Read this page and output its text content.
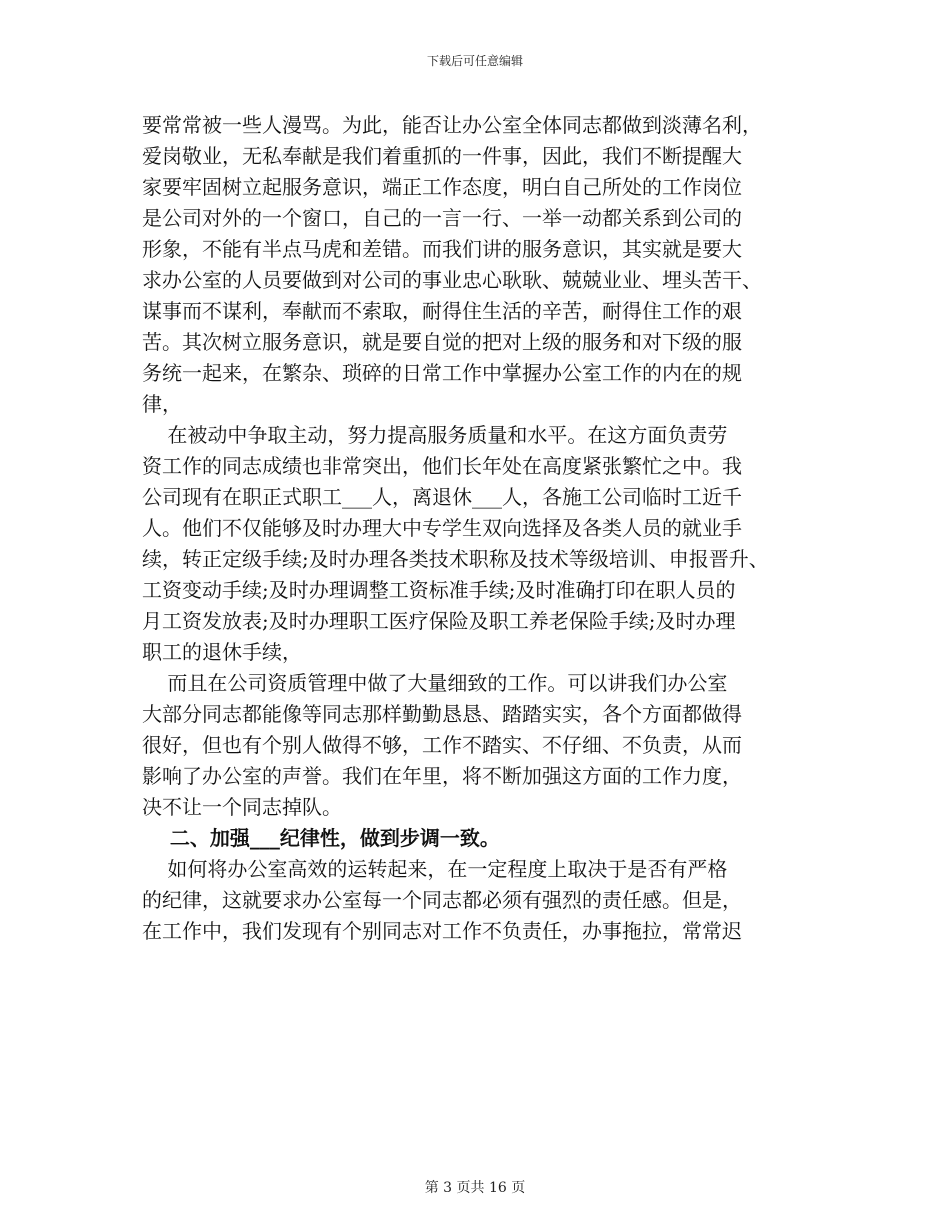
下载后可任意编辑
要常常被一些人漫骂。为此，能否让办公室全体同志都做到淡薄名利，
爱岗敬业，无私奉献是我们着重抓的一件事，因此，我们不断提醒大
家要牢固树立起服务意识，端正工作态度，明白自己所处的工作岗位
是公司对外的一个窗口，自己的一言一行、一举一动都关系到公司的
形象，不能有半点马虎和差错。而我们讲的服务意识，其实就是要大
求办公室的人员要做到对公司的事业忠心耿耿、兢兢业业、埋头苦干、
谋事而不谋利，奉献而不索取，耐得住生活的辛苦，耐得住工作的艰
苦。其次树立服务意识，就是要自觉的把对上级的服务和对下级的服
务统一起来，在繁杂、琐碎的日常工作中掌握办公室工作的内在的规
律，
在被动中争取主动，努力提高服务质量和水平。在这方面负责劳
资工作的同志成绩也非常突出，他们长年处在高度紧张繁忙之中。我
公司现有在职正式职工___人，离退休___人，各施工公司临时工近千
人。他们不仅能够及时办理大中专学生双向选择及各类人员的就业手
续，转正定级手续;及时办理各类技术职称及技术等级培训、申报晋升、
工资变动手续;及时办理调整工资标准手续;及时准确打印在职人员的
月工资发放表;及时办理职工医疗保险及职工养老保险手续;及时办理
职工的退休手续，
而且在公司资质管理中做了大量细致的工作。可以讲我们办公室
大部分同志都能像等同志那样勤勤恳恳、踏踏实实，各个方面都做得
很好，但也有个别人做得不够，工作不踏实、不仔细、不负责，从而
影响了办公室的声誉。我们在年里，将不断加强这方面的工作力度，
决不让一个同志掉队。
二、加强___纪律性，做到步调一致。
如何将办公室高效的运转起来，在一定程度上取决于是否有严格
的纪律，这就要求办公室每一个同志都必须有强烈的责任感。但是，
在工作中，我们发现有个别同志对工作不负责任，办事拖拉，常常迟
第 3 页共 16 页
